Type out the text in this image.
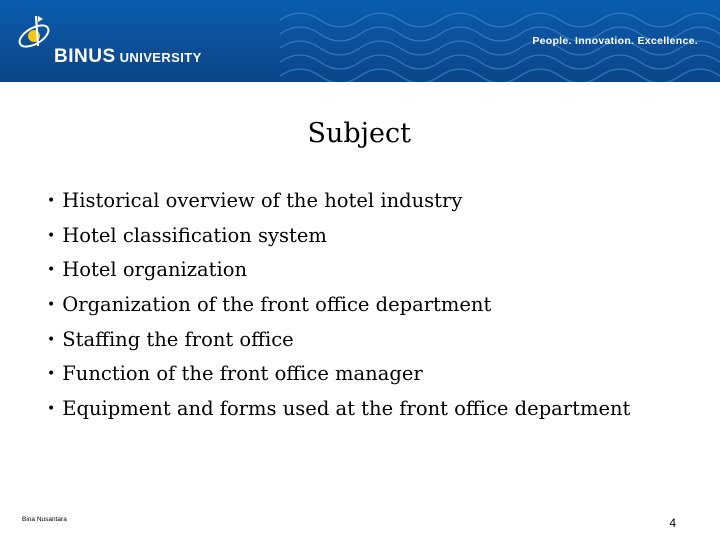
BINUS UNIVERSITY
People. Innovation. Excellence.
Subject
• Historical overview of the hotel industry
• Hotel classification system
• Hotel organization
• Organization of the front office department
• Staffing the front office
• Function of the front office manager
• Equipment and forms used at the front office department
Bina Nusantara	4
